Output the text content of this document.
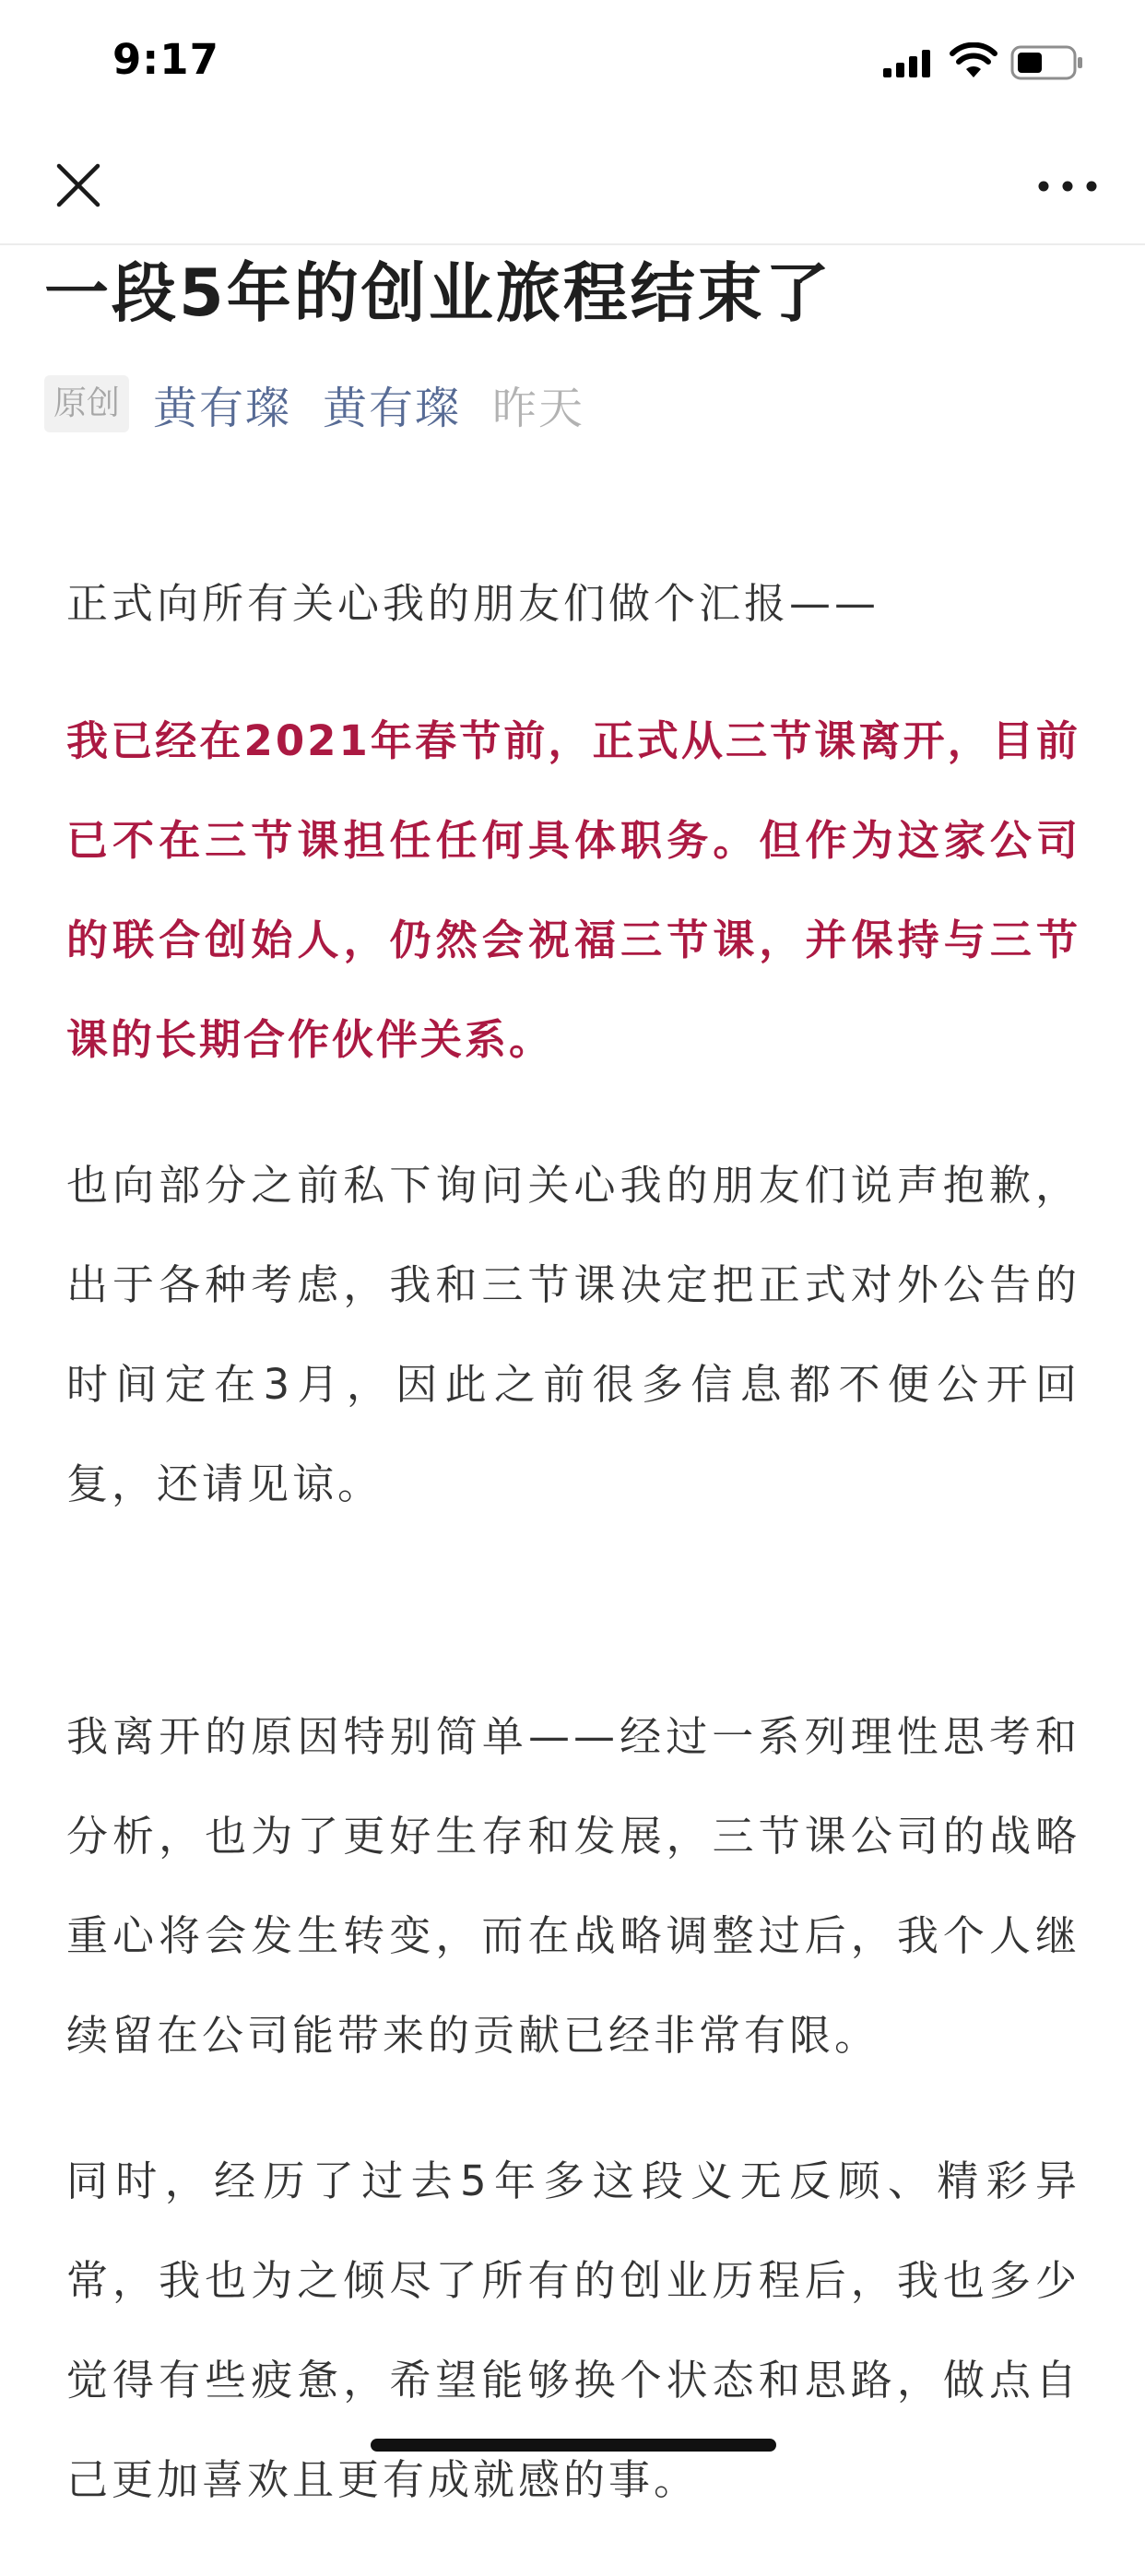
9:17
一段5年的创业旅程结束了
原创 黄有璨 黄有璨 昨天

正式向所有关心我的朋友们做个汇报——

我已经在2021年春节前，正式从三节课离开，目前已不在三节课担任任何具体职务。但作为这家公司的联合创始人，仍然会祝福三节课，并保持与三节课的长期合作伙伴关系。

也向部分之前私下询问关心我的朋友们说声抱歉，出于各种考虑，我和三节课决定把正式对外公告的时间定在3月，因此之前很多信息都不便公开回复，还请见谅。

我离开的原因特别简单——经过一系列理性思考和分析，也为了更好生存和发展，三节课公司的战略重心将会发生转变，而在战略调整过后，我个人继续留在公司能带来的贡献已经非常有限。

同时，经历了过去5年多这段义无反顾、精彩异常，我也为之倾尽了所有的创业历程后，我也多少觉得有些疲惫，希望能够换个状态和思路，做点自己更加喜欢且更有成就感的事。
